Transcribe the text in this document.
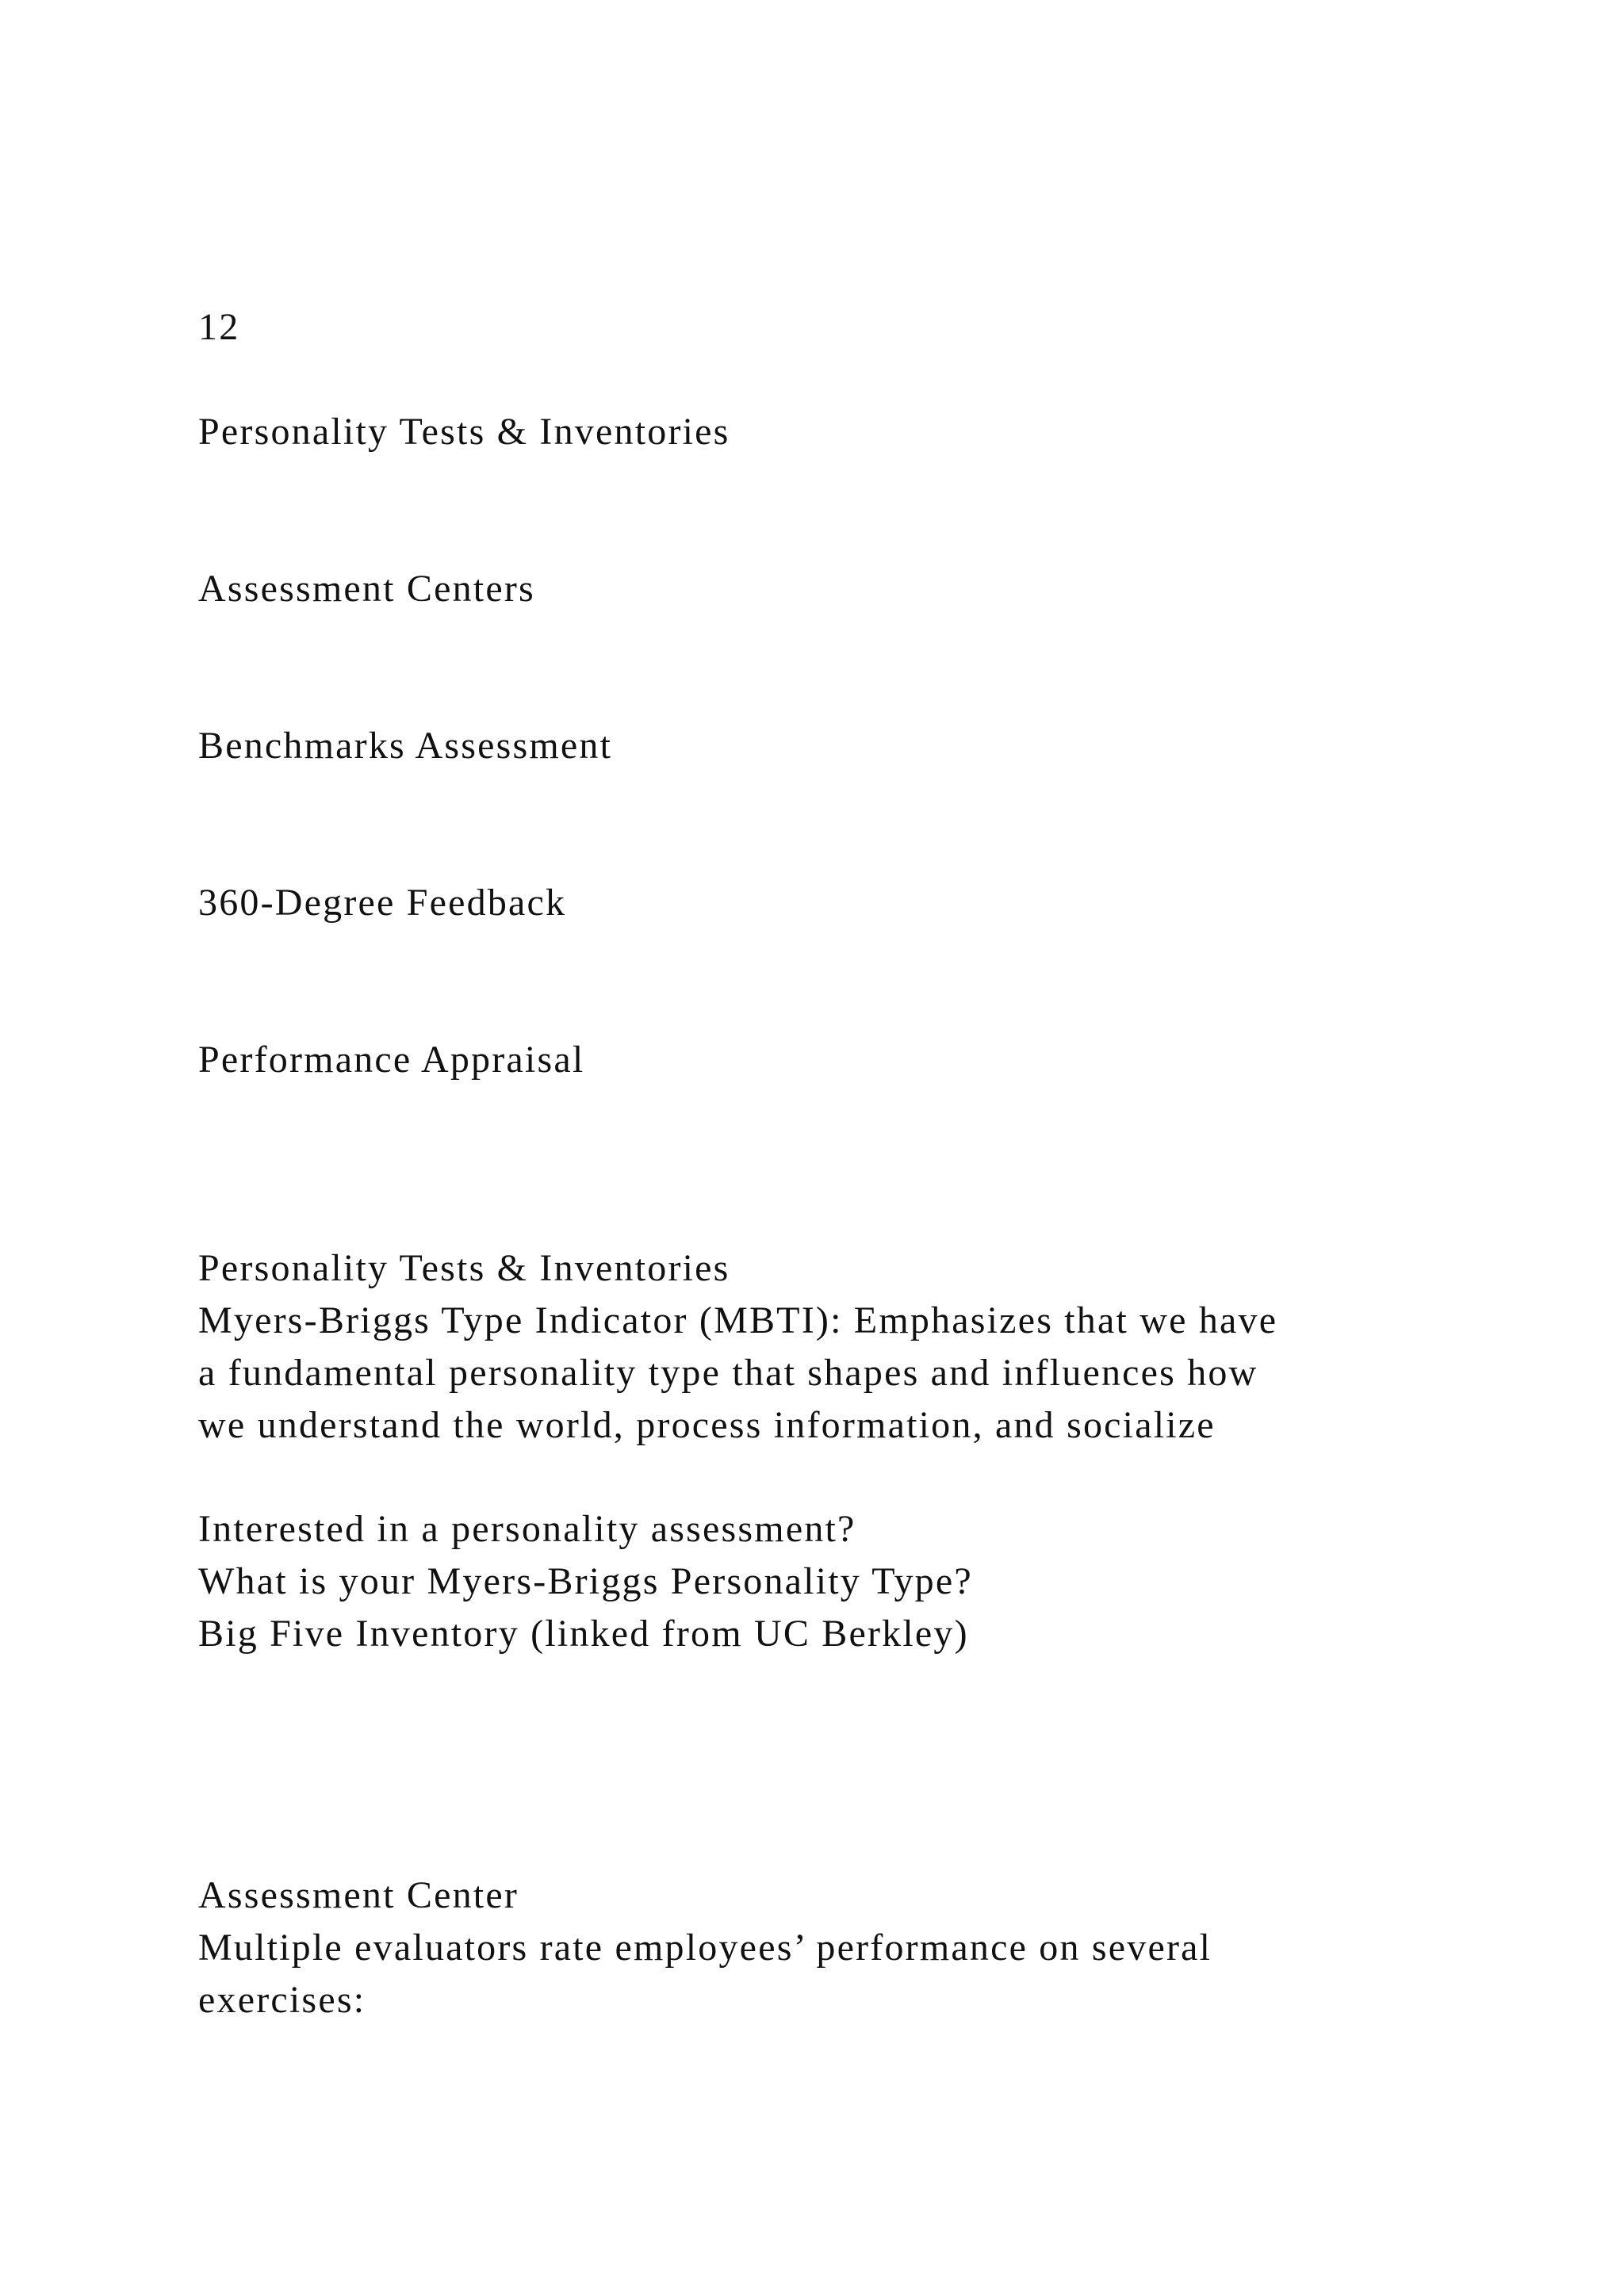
12

Personality Tests & Inventories

Assessment Centers

Benchmarks Assessment

360-Degree Feedback

Performance Appraisal

Personality Tests & Inventories

Myers-Briggs Type Indicator (MBTI): Emphasizes that we have

a fundamental personality type that shapes and influences how

we understand the world, process information, and socialize

Interested in a personality assessment?

What is your Myers-Briggs Personality Type?

Big Five Inventory (linked from UC Berkley)

Assessment Center

Multiple evaluators rate employees’ performance on several

exercises:
